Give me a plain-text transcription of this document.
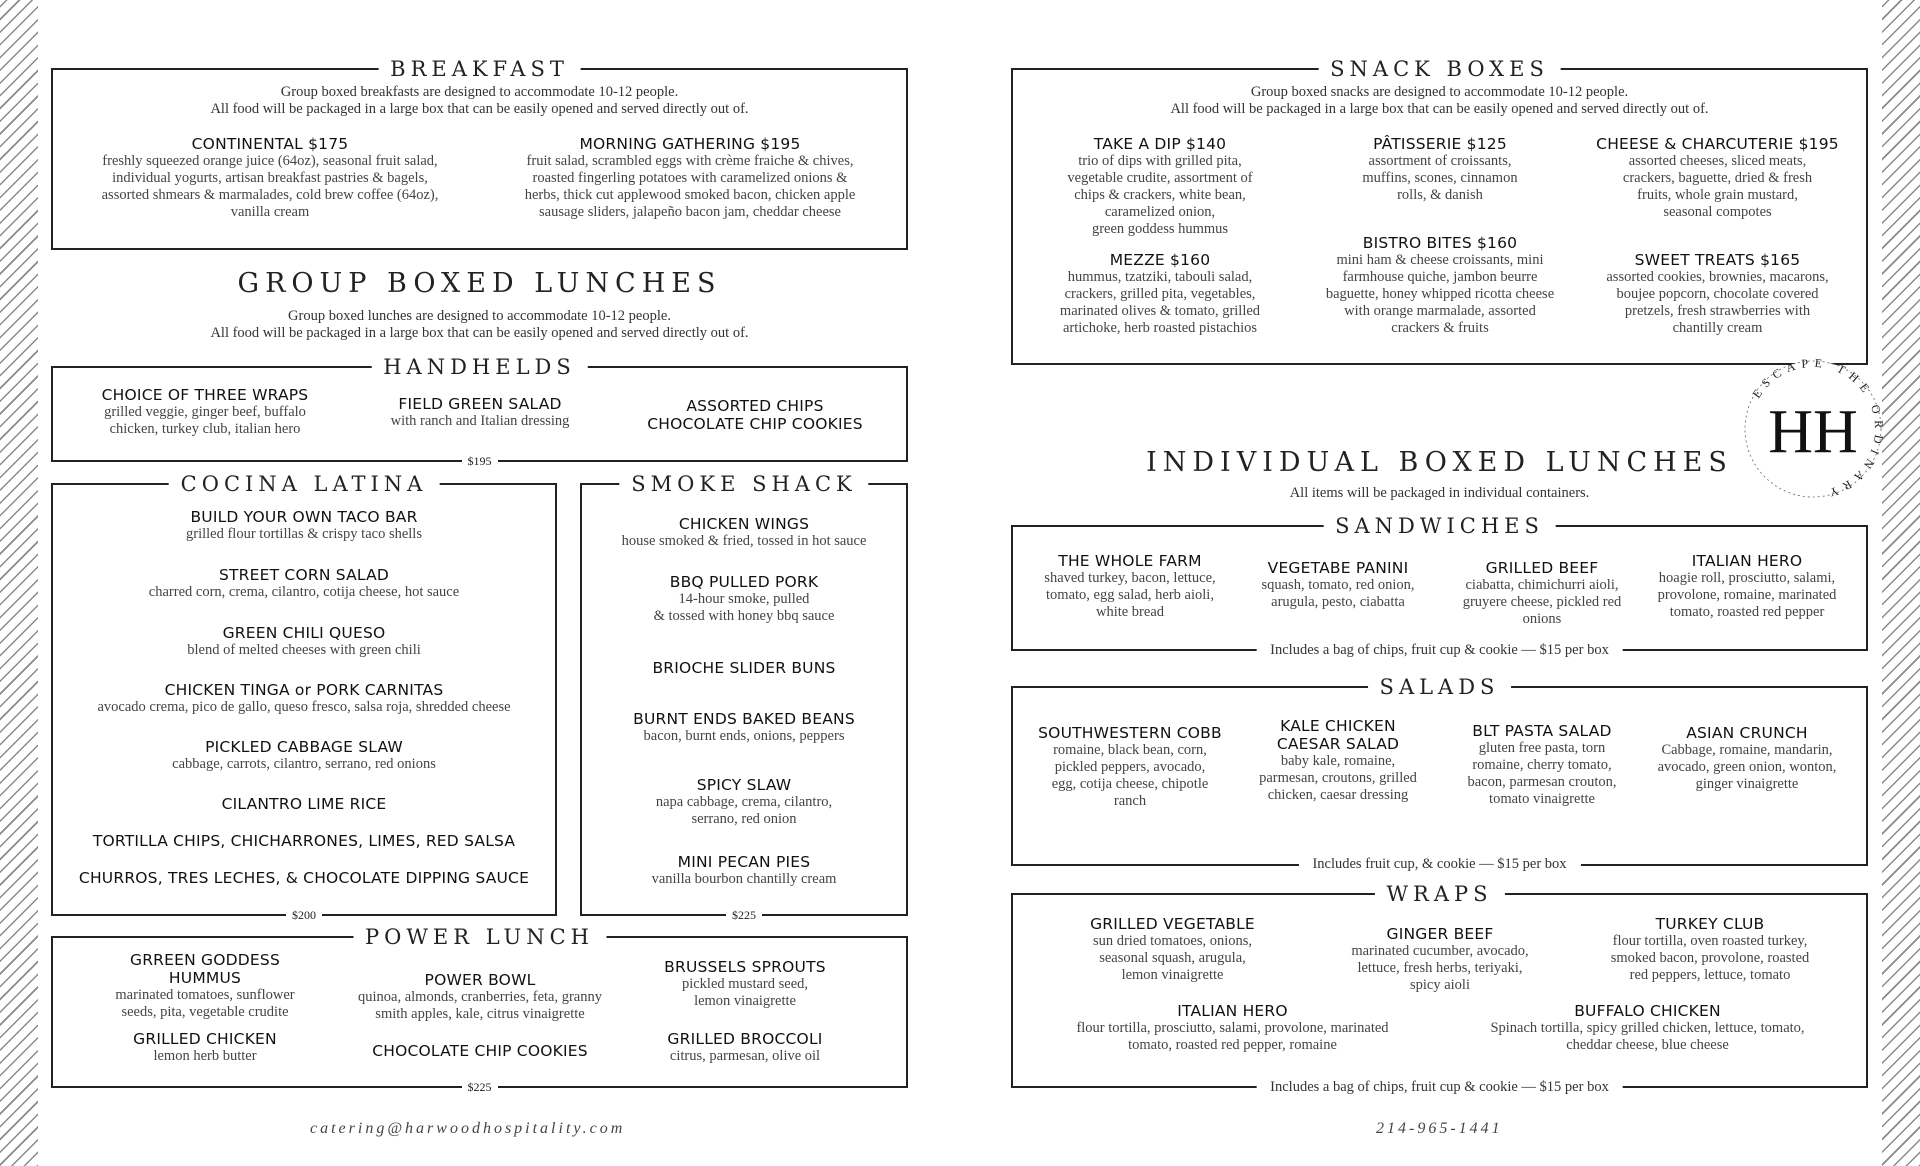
BREAKFAST
Group boxed breakfasts are designed to accommodate 10-12 people.
All food will be packaged in a large box that can be easily opened and served directly out of.
CONTINENTAL $175
freshly squeezed orange juice (64oz), seasonal fruit salad,
individual yogurts, artisan breakfast pastries & bagels,
assorted shmears & marmalades, cold brew coffee (64oz),
vanilla cream
MORNING GATHERING $195
fruit salad, scrambled eggs with crème fraiche & chives,
roasted fingerling potatoes with caramelized onions &
herbs, thick cut applewood smoked bacon, chicken apple
sausage sliders, jalapeño bacon jam, cheddar cheese
GROUP BOXED LUNCHES
Group boxed lunches are designed to accommodate 10-12 people.
All food will be packaged in a large box that can be easily opened and served directly out of.
HANDHELDS
$195
CHOICE OF THREE WRAPS
grilled veggie, ginger beef, buffalo
chicken, turkey club, italian hero
FIELD GREEN SALAD
with ranch and Italian dressing
ASSORTED CHIPS
CHOCOLATE CHIP COOKIES
COCINA LATINA
$200
BUILD YOUR OWN TACO BAR
grilled flour tortillas & crispy taco shells
STREET CORN SALAD
charred corn, crema, cilantro, cotija cheese, hot sauce
GREEN CHILI QUESO
blend of melted cheeses with green chili
CHICKEN TINGA or PORK CARNITAS
avocado crema, pico de gallo, queso fresco, salsa roja, shredded cheese
PICKLED CABBAGE SLAW
cabbage, carrots, cilantro, serrano, red onions
CILANTRO LIME RICE
TORTILLA CHIPS, CHICHARRONES, LIMES, RED SALSA
CHURROS, TRES LECHES, & CHOCOLATE DIPPING SAUCE
SMOKE SHACK
$225
CHICKEN WINGS
house smoked & fried, tossed in hot sauce
BBQ PULLED PORK
14-hour smoke, pulled
& tossed with honey bbq sauce
BRIOCHE SLIDER BUNS
BURNT ENDS BAKED BEANS
bacon, burnt ends, onions, peppers
SPICY SLAW
napa cabbage, crema, cilantro,
serrano, red onion
MINI PECAN PIES
vanilla bourbon chantilly cream
POWER LUNCH
$225
GRREEN GODDESS
HUMMUS
marinated tomatoes, sunflower
seeds, pita, vegetable crudite
GRILLED CHICKEN
lemon herb butter
POWER BOWL
quinoa, almonds, cranberries, feta, granny
smith apples, kale, citrus vinaigrette
CHOCOLATE CHIP COOKIES
BRUSSELS SPROUTS
pickled mustard seed,
lemon vinaigrette
GRILLED BROCCOLI
citrus, parmesan, olive oil
catering@harwoodhospitality.com
SNACK BOXES
Group boxed snacks are designed to accommodate 10-12 people.
All food will be packaged in a large box that can be easily opened and served directly out of.
TAKE A DIP $140
trio of dips with grilled pita,
vegetable crudite, assortment of
chips & crackers, white bean,
caramelized onion,
green goddess hummus
PÂTISSERIE $125
assortment of croissants,
muffins, scones, cinnamon
rolls, & danish
CHEESE & CHARCUTERIE $195
assorted cheeses, sliced meats,
crackers, baguette, dried & fresh
fruits, whole grain mustard,
seasonal compotes
MEZZE $160
hummus, tzatziki, tabouli salad,
crackers, grilled pita, vegetables,
marinated olives & tomato, grilled
artichoke, herb roasted pistachios
BISTRO BITES $160
mini ham & cheese croissants, mini
farmhouse quiche, jambon beurre
baguette, honey whipped ricotta cheese
with orange marmalade, assorted
crackers & fruits
SWEET TREATS $165
assorted cookies, brownies, macarons,
boujee popcorn, chocolate covered
pretzels, fresh strawberries with
chantilly cream
ESCAPE THE ORDINARY
HH
INDIVIDUAL BOXED LUNCHES
All items will be packaged in individual containers.
SANDWICHES
Includes a bag of chips, fruit cup & cookie — $15 per box
THE WHOLE FARM
shaved turkey, bacon, lettuce,
tomato, egg salad, herb aioli,
white bread
VEGETABE PANINI
squash, tomato, red onion,
arugula, pesto, ciabatta
GRILLED BEEF
ciabatta, chimichurri aioli,
gruyere cheese, pickled red
onions
ITALIAN HERO
hoagie roll, prosciutto, salami,
provolone, romaine, marinated
tomato, roasted red pepper
SALADS
Includes fruit cup, & cookie — $15 per box
SOUTHWESTERN COBB
romaine, black bean, corn,
pickled peppers, avocado,
egg, cotija cheese, chipotle
ranch
KALE CHICKEN
CAESAR SALAD
baby kale, romaine,
parmesan, croutons, grilled
chicken, caesar dressing
BLT PASTA SALAD
gluten free pasta, torn
romaine, cherry tomato,
bacon, parmesan crouton,
tomato vinaigrette
ASIAN CRUNCH
Cabbage, romaine, mandarin,
avocado, green onion, wonton,
ginger vinaigrette
WRAPS
Includes a bag of chips, fruit cup & cookie — $15 per box
GRILLED VEGETABLE
sun dried tomatoes, onions,
seasonal squash, arugula,
lemon vinaigrette
GINGER BEEF
marinated cucumber, avocado,
lettuce, fresh herbs, teriyaki,
spicy aioli
TURKEY CLUB
flour tortilla, oven roasted turkey,
smoked bacon, provolone, roasted
red peppers, lettuce, tomato
ITALIAN HERO
flour tortilla, prosciutto, salami, provolone, marinated
tomato, roasted red pepper, romaine
BUFFALO CHICKEN
Spinach tortilla, spicy grilled chicken, lettuce, tomato,
cheddar cheese, blue cheese
214-965-1441
